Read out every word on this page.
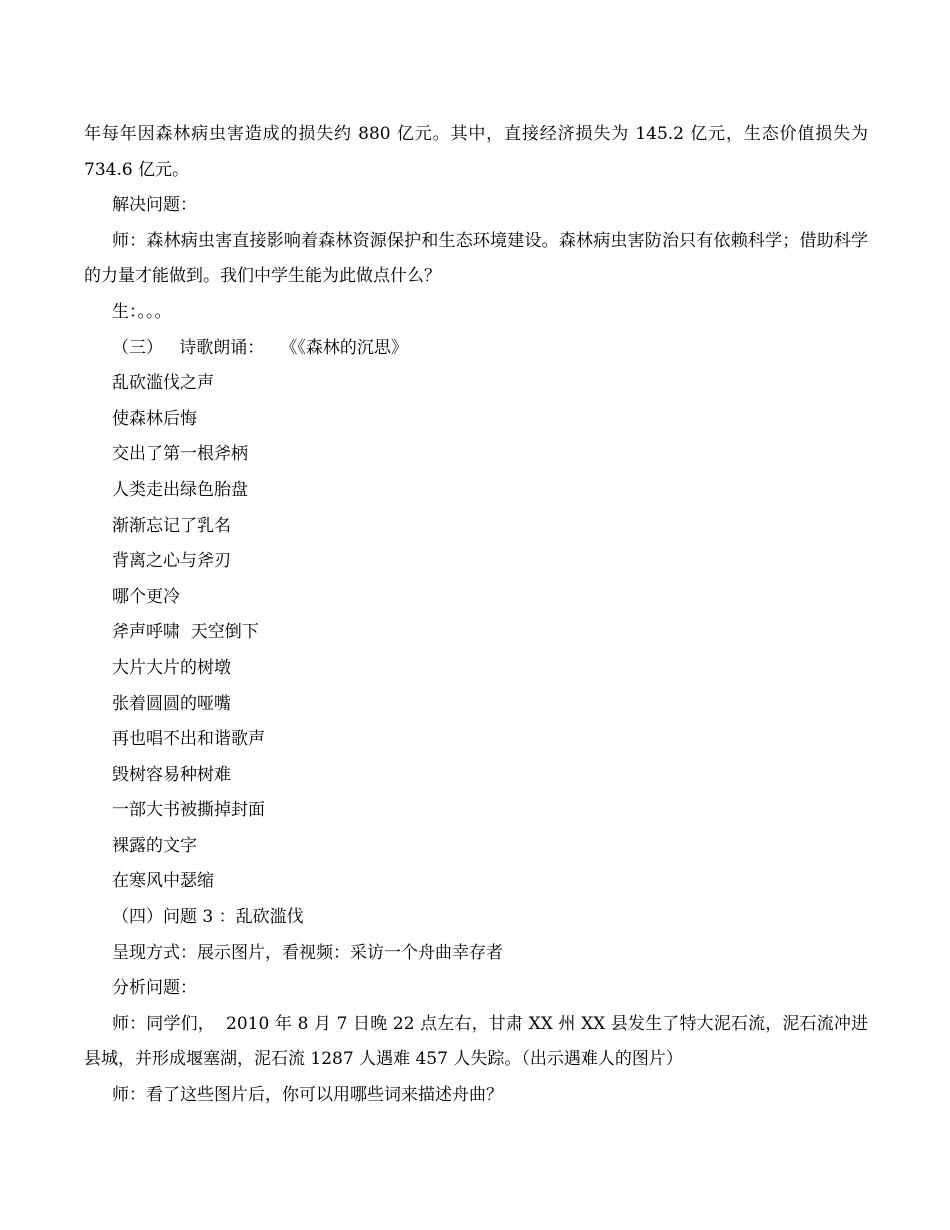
年每年因森林病虫害造成的损失约 880 亿元。其中，直接经济损失为 145.2 亿元，生态价值损失为 734.6 亿元。
解决问题：
师：森林病虫害直接影响着森林资源保护和生态环境建设。森林病虫害防治只有依赖科学；借助科学的力量才能做到。我们中学生能为此做点什么？
生：。。。
（三）   诗歌朗诵：   《《森林的沉思》
乱砍滥伐之声
使森林后悔
交出了第一根斧柄
人类走出绿色胎盘
渐渐忘记了乳名
背离之心与斧刃
哪个更冷
斧声呼啸  天空倒下
大片大片的树墩
张着圆圆的哑嘴
再也唱不出和谐歌声
毁树容易种树难
一部大书被撕掉封面
裸露的文字
在寒风中瑟缩
（四）问题 3 ：乱砍滥伐
呈现方式：展示图片，看视频：采访一个舟曲幸存者
分析问题：
师：同学们，  2010 年 8 月 7 日晚 22 点左右，甘肃 XX 州 XX 县发生了特大泥石流，泥石流冲进县城，并形成堰塞湖，泥石流 1287 人遇难 457 人失踪。（出示遇难人的图片）
师：看了这些图片后，你可以用哪些词来描述舟曲？
